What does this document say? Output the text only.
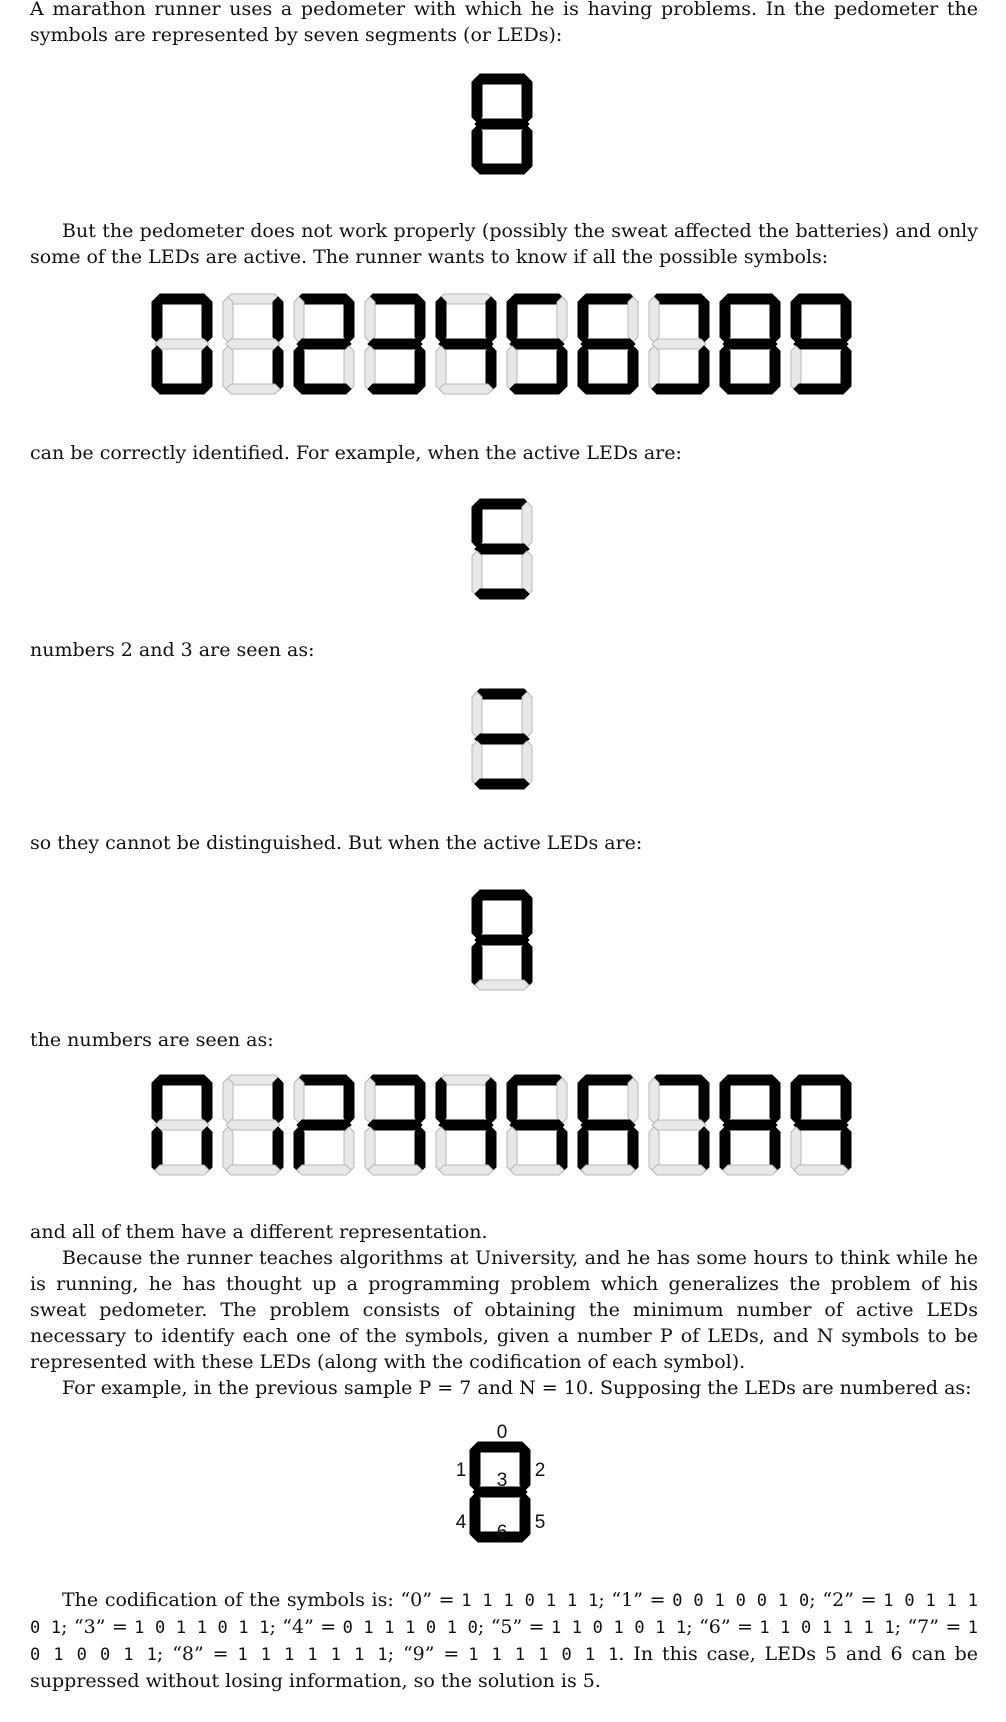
A marathon runner uses a pedometer with which he is having problems. In the pedometer the symbols are represented by seven segments (or LEDs):

But the pedometer does not work properly (possibly the sweat affected the batteries) and only some of the LEDs are active. The runner wants to know if all the possible symbols:

can be correctly identified. For example, when the active LEDs are:

numbers 2 and 3 are seen as:

so they cannot be distinguished. But when the active LEDs are:

the numbers are seen as:

and all of them have a different representation.
Because the runner teaches algorithms at University, and he has some hours to think while he is running, he has thought up a programming problem which generalizes the problem of his sweat pedometer. The problem consists of obtaining the minimum number of active LEDs necessary to identify each one of the symbols, given a number P of LEDs, and N symbols to be represented with these LEDs (along with the codification of each symbol).
For example, in the previous sample P = 7 and N = 10. Supposing the LEDs are numbered as:
0
1	2
3
4	5
6

The codification of the symbols is: “0” = 1 1 1 0 1 1 1; “1” = 0 0 1 0 0 1 0; “2” = 1 0 1 1 1 0 1; “3” = 1 0 1 1 0 1 1; “4” = 0 1 1 1 0 1 0; “5” = 1 1 0 1 0 1 1; “6” = 1 1 0 1 1 1 1; “7” = 1 0 1 0 0 1 1; “8” = 1 1 1 1 1 1 1; “9” = 1 1 1 1 0 1 1. In this case, LEDs 5 and 6 can be suppressed without losing information, so the solution is 5.
